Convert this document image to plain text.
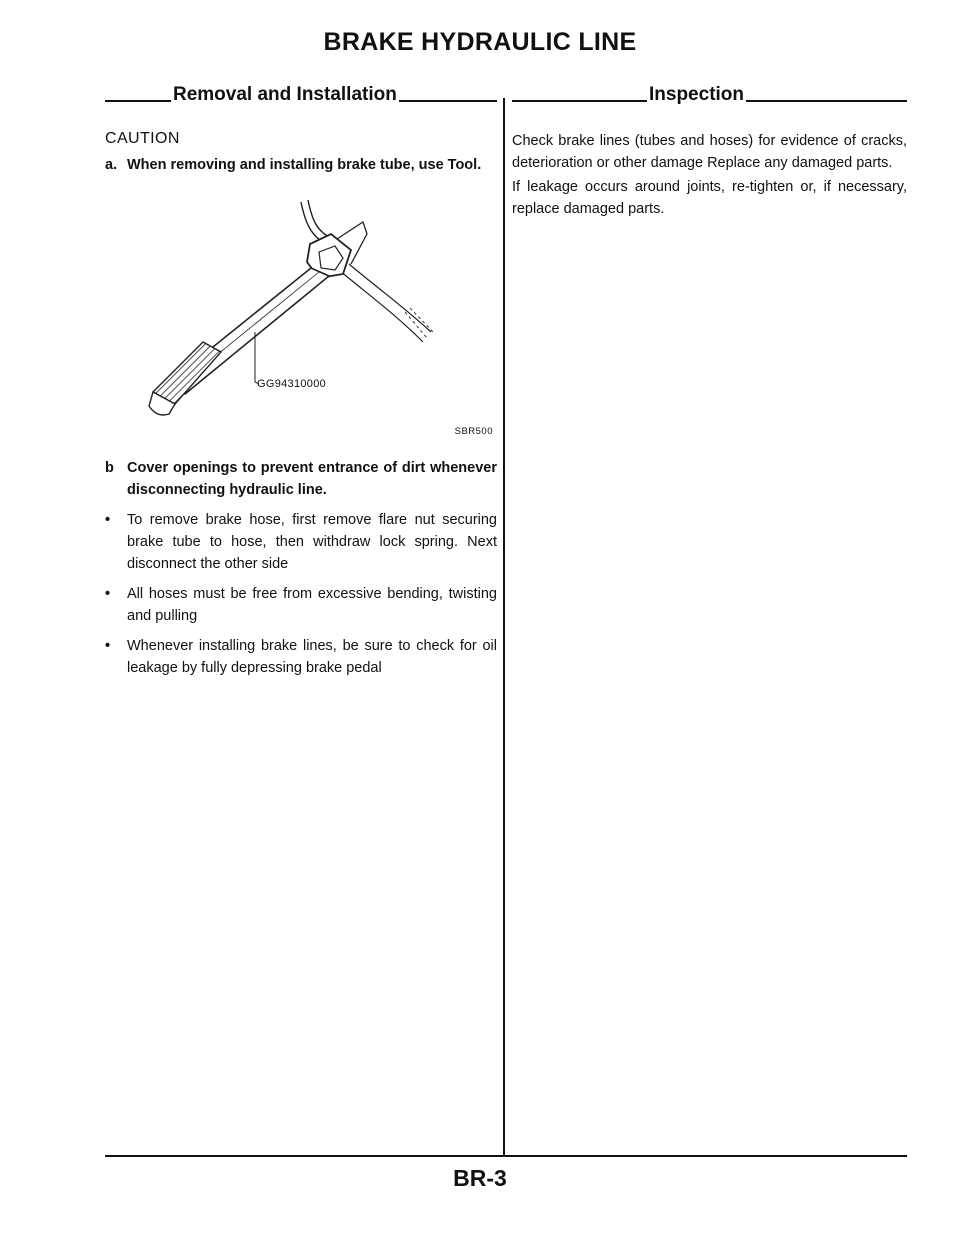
BRAKE HYDRAULIC LINE
Removal and Installation
CAUTION
a. When removing and installing brake tube, use Tool.
GG94310000
SBR500
b Cover openings to prevent entrance of dirt whenever disconnecting hydraulic line.
•	To remove brake hose, first remove flare nut securing brake tube to hose, then withdraw lock spring. Next disconnect the other side
•	All hoses must be free from excessive bending, twisting and pulling
•	Whenever installing brake lines, be sure to check for oil leakage by fully depressing brake pedal
Inspection
Check brake lines (tubes and hoses) for evidence of cracks, deterioration or other damage Replace any damaged parts.
If leakage occurs around joints, re-tighten or, if necessary, replace damaged parts.
BR-3
